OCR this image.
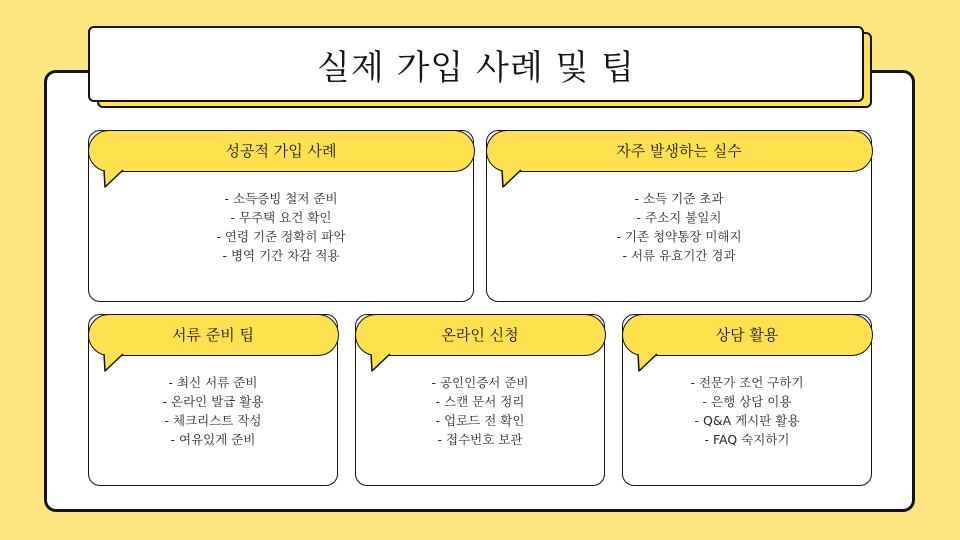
실제 가입 사례 및 팁
성공적 가입 사례
- 소득증빙 철저 준비
- 무주택 요건 확인
- 연령 기준 정확히 파악
- 병역 기간 차감 적용
자주 발생하는 실수
- 소득 기준 초과
- 주소지 불일치
- 기존 청약통장 미해지
- 서류 유효기간 경과
서류 준비 팁
- 최신 서류 준비
- 온라인 발급 활용
- 체크리스트 작성
- 여유있게 준비
온라인 신청
- 공인인증서 준비
- 스캔 문서 정리
- 업로드 전 확인
- 접수번호 보관
상담 활용
- 전문가 조언 구하기
- 은행 상담 이용
- Q&A 게시판 활용
- FAQ 숙지하기
